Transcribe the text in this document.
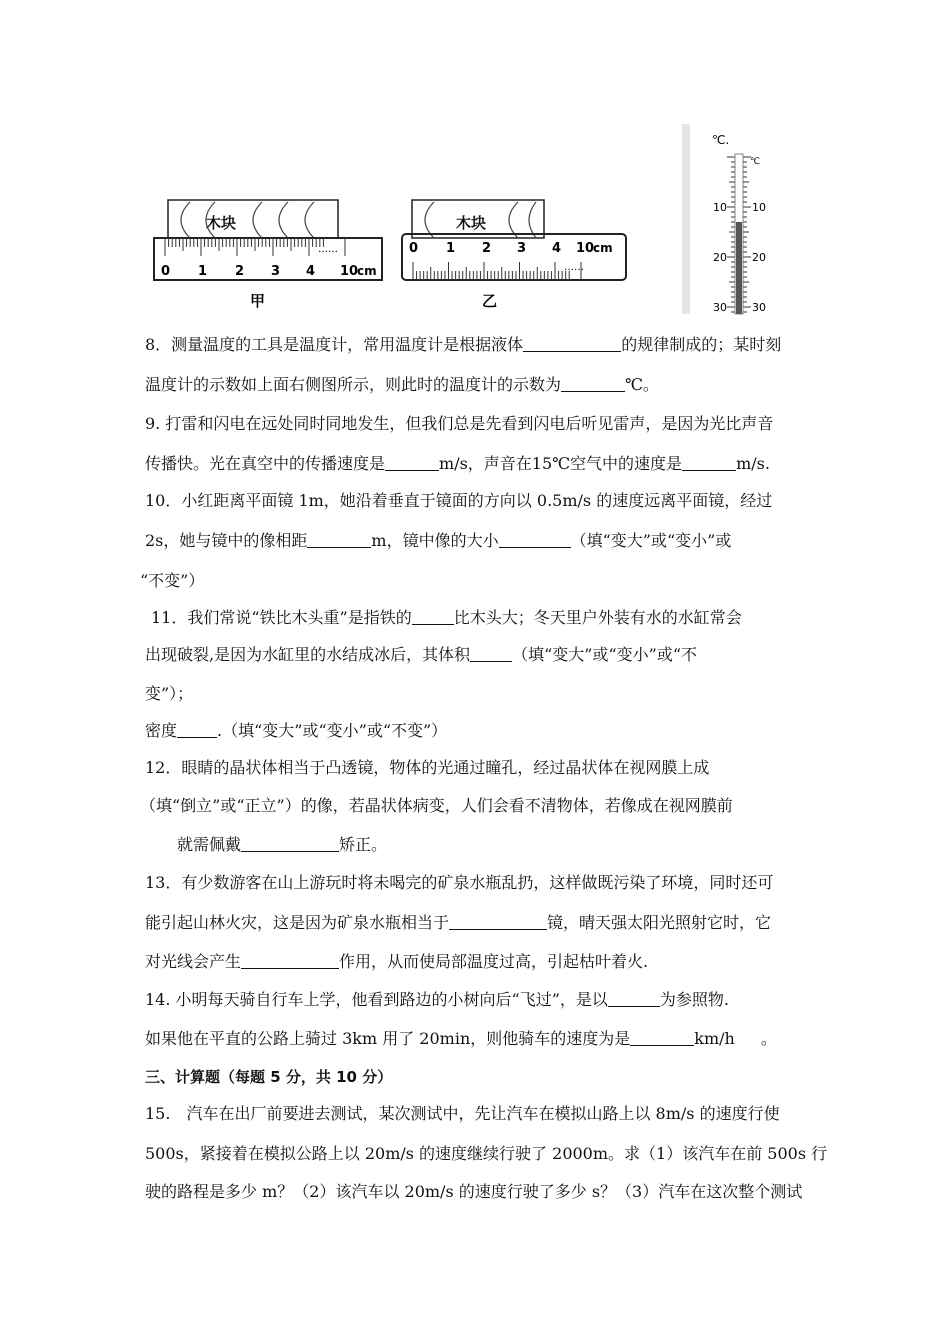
木块
0 1 2 3 4
……
10
cm
甲
木块
0 1 2 3 4 10
cm
……
乙
℃.
℃
10
20
30
10
20
30
8．测量温度的工具是温度计，常用温度计是根据液体	的规律制成的；某时刻
温度计的示数如上面右侧图所示，则此时的温度计的示数为	℃。
9. 打雷和闪电在远处同时同地发生，但我们总是先看到闪电后听见雷声，是因为光比声音
传播快。光在真空中的传播速度是	m/s，声音在15℃空气中的速度是	m/s.
10．小红距离平面镜 1m，她沿着垂直于镜面的方向以 0.5m/s 的速度远离平面镜，经过
2s，她与镜中的像相距	m，镜中像的大小	（填“变大”或“变小”或
“不变”）
11．我们常说“铁比木头重”是指铁的	比木头大；冬天里户外装有水的水缸常会
出现破裂,是因为水缸里的水结成冰后，其体积	（填“变大”或“变小”或“不
变”）；
密度	.（填“变大”或“变小”或“不变”）
12．眼睛的晶状体相当于凸透镜，物体的光通过瞳孔，经过晶状体在视网膜上成
（填“倒立”或“正立”）的像，若晶状体病变，人们会看不清物体，若像成在视网膜前
就需佩戴	矫正。
13．有少数游客在山上游玩时将未喝完的矿泉水瓶乱扔，这样做既污染了环境，同时还可
能引起山林火灾，这是因为矿泉水瓶相当于	镜，晴天强太阳光照射它时，它
对光线会产生	作用，从而使局部温度过高，引起枯叶着火.
14. 小明每天骑自行车上学，他看到路边的小树向后“飞过”，是以	为参照物.
如果他在平直的公路上骑过 3km 用了 20min，则他骑车的速度为是	km/h 。
三、计算题（每题 5 分，共 10 分）
15.　汽车在出厂前要进去测试，某次测试中，先让汽车在模拟山路上以 8m/s 的速度行使
500s，紧接着在模拟公路上以 20m/s 的速度继续行驶了 2000m。求（1）该汽车在前 500s 行
驶的路程是多少 m？（2）该汽车以 20m/s 的速度行驶了多少 s？（3）汽车在这次整个测试
